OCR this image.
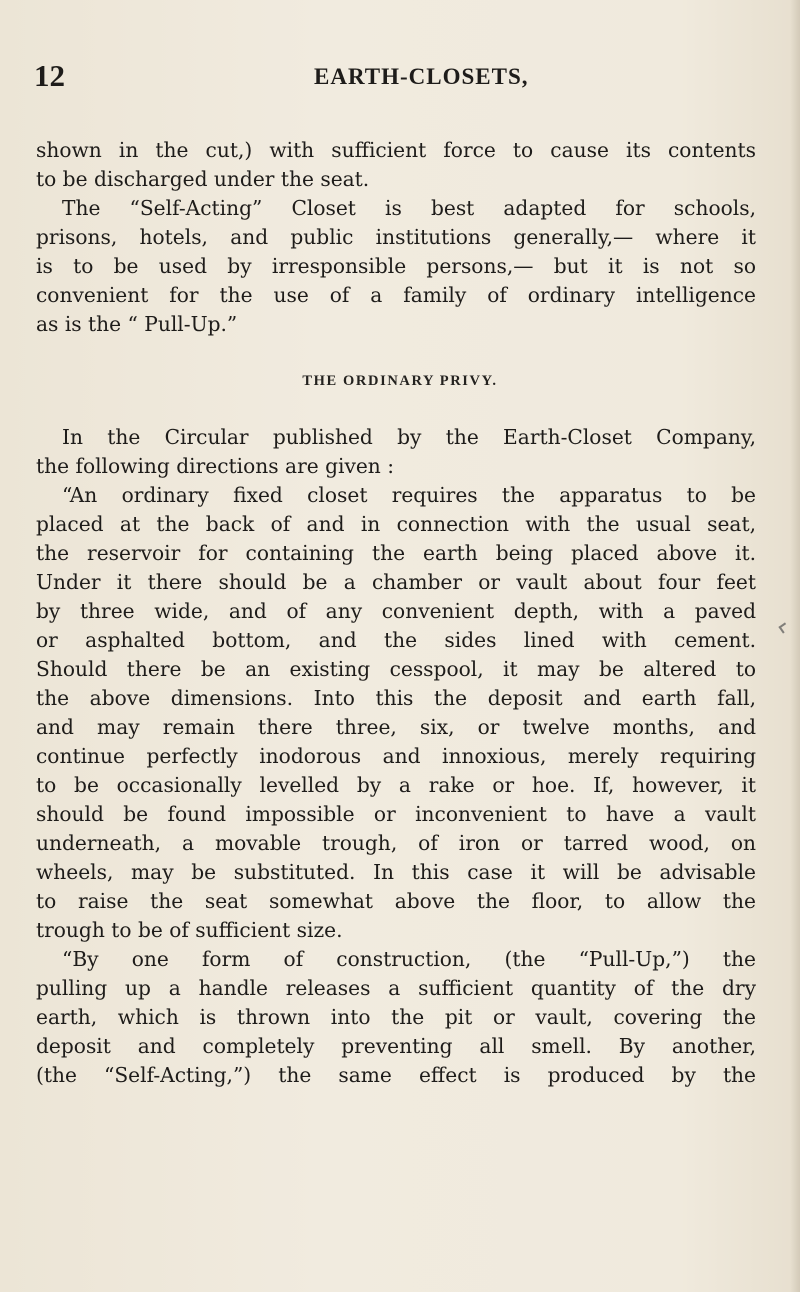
12	EARTH-CLOSETS,
shown in the cut,) with sufficient force to cause its contents
to be discharged under the seat.
The “Self-Acting” Closet is best adapted for schools,
prisons, hotels, and public institutions generally,— where it
is to be used by irresponsible persons,— but it is not so
convenient for the use of a family of ordinary intelligence
as is the “ Pull-Up.”
THE ORDINARY PRIVY.
In the Circular published by the Earth-Closet Company,
the following directions are given :
“An ordinary fixed closet requires the apparatus to be
placed at the back of and in connection with the usual seat,
the reservoir for containing the earth being placed above it.
Under it there should be a chamber or vault about four feet
by three wide, and of any convenient depth, with a paved
or asphalted bottom, and the sides lined with cement.
Should there be an existing cesspool, it may be altered to
the above dimensions. Into this the deposit and earth fall,
and may remain there three, six, or twelve months, and
continue perfectly inodorous and innoxious, merely requiring
to be occasionally levelled by a rake or hoe. If, however, it
should be found impossible or inconvenient to have a vault
underneath, a movable trough, of iron or tarred wood, on
wheels, may be substituted. In this case it will be advisable
to raise the seat somewhat above the floor, to allow the
trough to be of sufficient size.
“By one form of construction, (the “Pull-Up,”) the
pulling up a handle releases a sufficient quantity of the dry
earth, which is thrown into the pit or vault, covering the
deposit and completely preventing all smell. By another,
(the “Self-Acting,”) the same effect is produced by the
